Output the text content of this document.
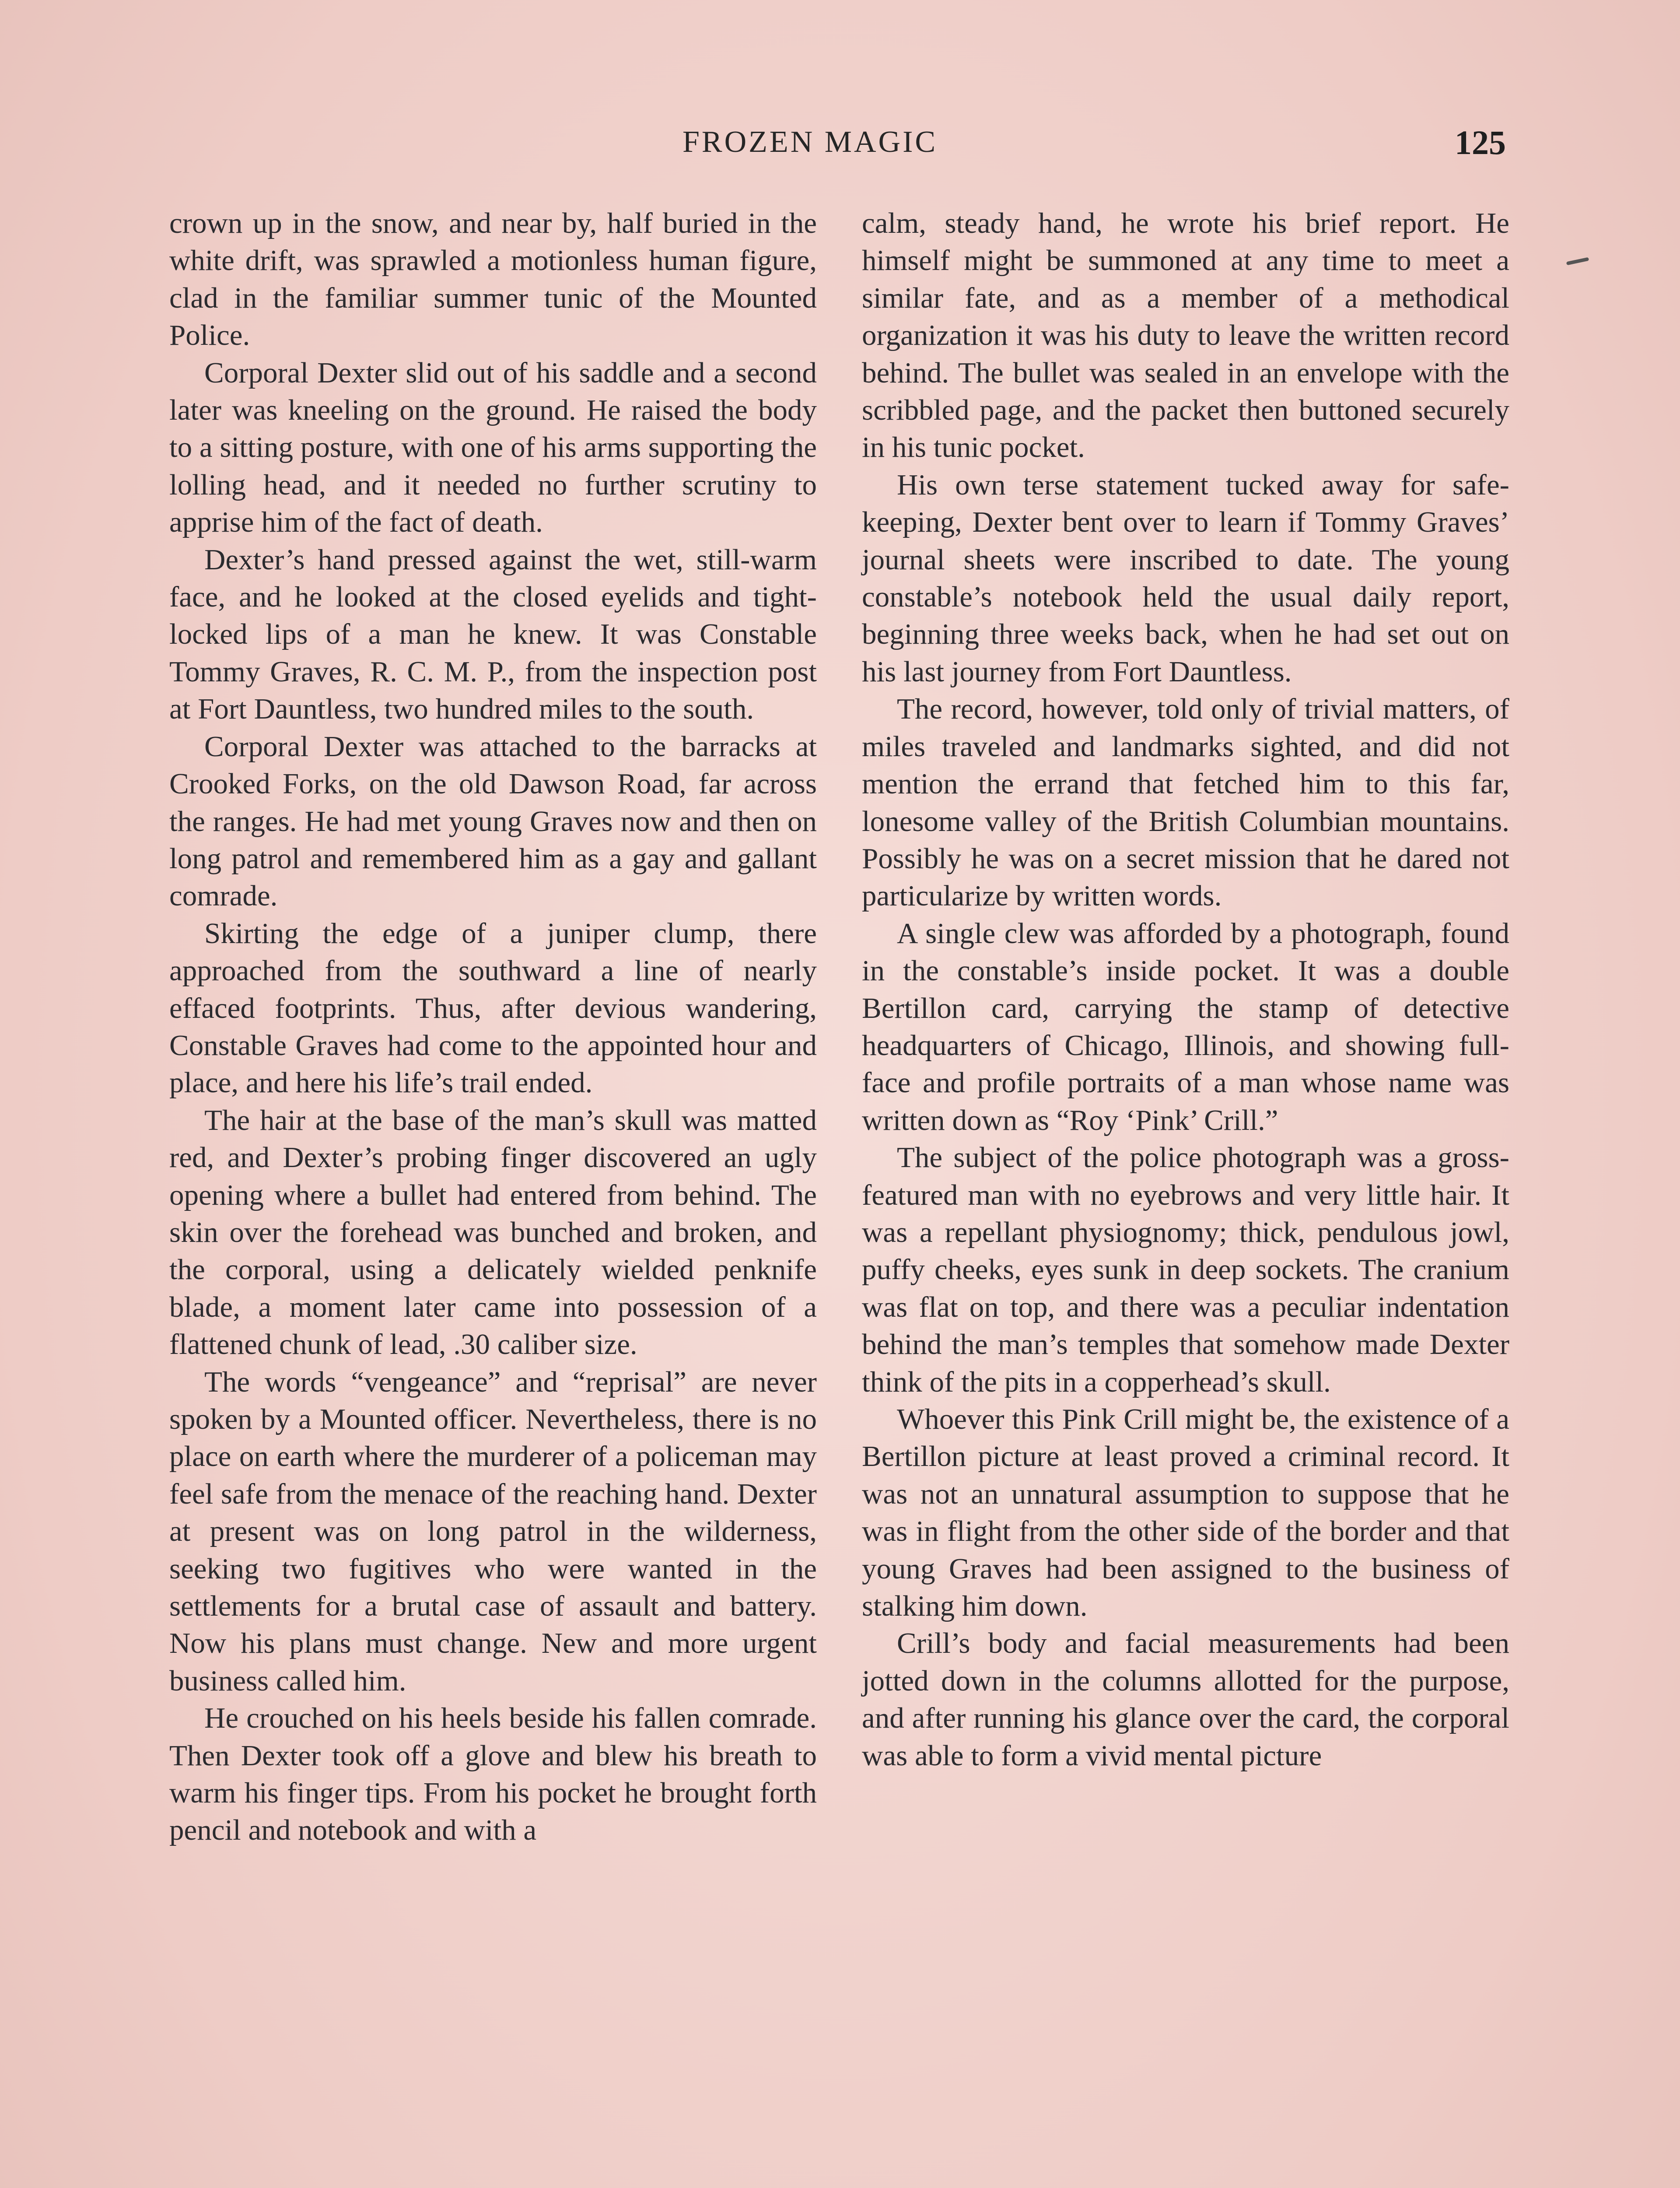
FROZEN MAGIC	125

crown up in the snow, and near by, half buried in the white drift, was sprawled a motionless human figure, clad in the familiar summer tunic of the Mounted Police.

Corporal Dexter slid out of his saddle and a second later was kneeling on the ground. He raised the body to a sitting posture, with one of his arms supporting the lolling head, and it needed no further scrutiny to apprise him of the fact of death.

Dexter’s hand pressed against the wet, still-warm face, and he looked at the closed eyelids and tight-locked lips of a man he knew. It was Constable Tommy Graves, R. C. M. P., from the inspection post at Fort Dauntless, two hundred miles to the south.

Corporal Dexter was attached to the barracks at Crooked Forks, on the old Dawson Road, far across the ranges. He had met young Graves now and then on long patrol and remembered him as a gay and gallant comrade.

Skirting the edge of a juniper clump, there approached from the southward a line of nearly effaced footprints. Thus, after devious wandering, Constable Graves had come to the appointed hour and place, and here his life’s trail ended.

The hair at the base of the man’s skull was matted red, and Dexter’s probing finger discovered an ugly opening where a bullet had entered from behind. The skin over the forehead was bunched and broken, and the corporal, using a delicately wielded penknife blade, a moment later came into possession of a flattened chunk of lead, .30 caliber size.

The words “vengeance” and “reprisal” are never spoken by a Mounted officer. Nevertheless, there is no place on earth where the murderer of a policeman may feel safe from the menace of the reaching hand. Dexter at present was on long patrol in the wilderness, seeking two fugitives who were wanted in the settlements for a brutal case of assault and battery. Now his plans must change. New and more urgent business called him.

He crouched on his heels beside his fallen comrade. Then Dexter took off a glove and blew his breath to warm his finger tips. From his pocket he brought forth pencil and notebook and with a

calm, steady hand, he wrote his brief report. He himself might be summoned at any time to meet a similar fate, and as a member of a methodical organization it was his duty to leave the written record behind. The bullet was sealed in an envelope with the scribbled page, and the packet then buttoned securely in his tunic pocket.

His own terse statement tucked away for safe-keeping, Dexter bent over to learn if Tommy Graves’ journal sheets were inscribed to date. The young constable’s notebook held the usual daily report, beginning three weeks back, when he had set out on his last journey from Fort Dauntless.

The record, however, told only of trivial matters, of miles traveled and landmarks sighted, and did not mention the errand that fetched him to this far, lonesome valley of the British Columbian mountains. Possibly he was on a secret mission that he dared not particularize by written words.

A single clew was afforded by a photograph, found in the constable’s inside pocket. It was a double Bertillon card, carrying the stamp of detective headquarters of Chicago, Illinois, and showing full-face and profile portraits of a man whose name was written down as “Roy ‘Pink’ Crill.”

The subject of the police photograph was a gross-featured man with no eyebrows and very little hair. It was a repellant physiognomy; thick, pendulous jowl, puffy cheeks, eyes sunk in deep sockets. The cranium was flat on top, and there was a peculiar indentation behind the man’s temples that somehow made Dexter think of the pits in a copperhead’s skull.

Whoever this Pink Crill might be, the existence of a Bertillon picture at least proved a criminal record. It was not an unnatural assumption to suppose that he was in flight from the other side of the border and that young Graves had been assigned to the business of stalking him down.

Crill’s body and facial measurements had been jotted down in the columns allotted for the purpose, and after running his glance over the card, the corporal was able to form a vivid mental picture
